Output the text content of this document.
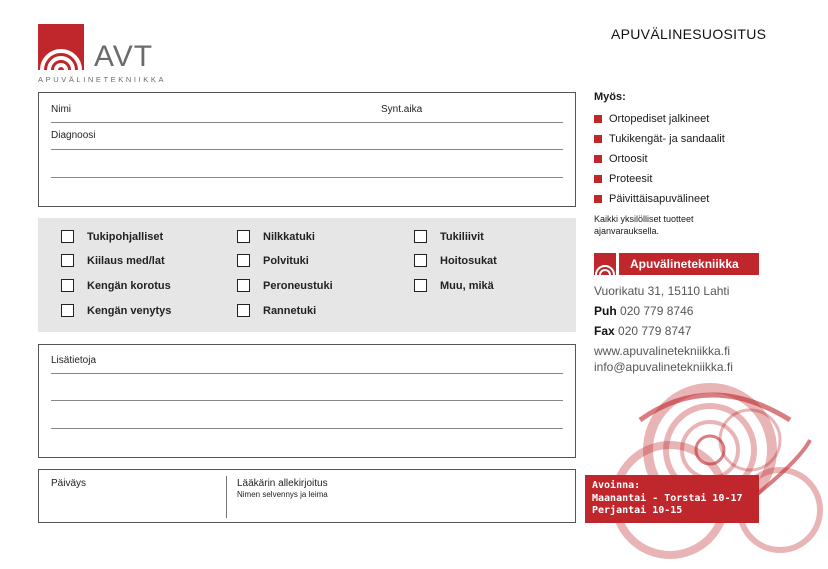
AVT
APUVÄLINETEKNIIKKA
APUVÄLINESUOSITUS
Nimi	Synt.aika
Diagnoosi
Tukipohjalliset
Kiilaus med/lat
Kengän korotus
Kengän venytys
Nilkkatuki
Polvituki
Peroneustuki
Rannetuki
Tukiliivit
Hoitosukat
Muu, mikä
Lisätietoja
Päiväys	Lääkärin allekirjoitus
Nimen selvennys ja leima
Myös:
Ortopediset jalkineet
Tukikengät- ja sandaalit
Ortoosit
Proteesit
Päivittäisapuvälineet
Kaikki yksilölliset tuotteet
ajanvarauksella.
Apuvälinetekniikka
Vuorikatu 31, 15110 Lahti
Puh 020 779 8746
Fax 020 779 8747
www.apuvalinetekniikka.fi
info@apuvalinetekniikka.fi
Avoinna:
Maanantai - Torstai 10-17
Perjantai 10-15
